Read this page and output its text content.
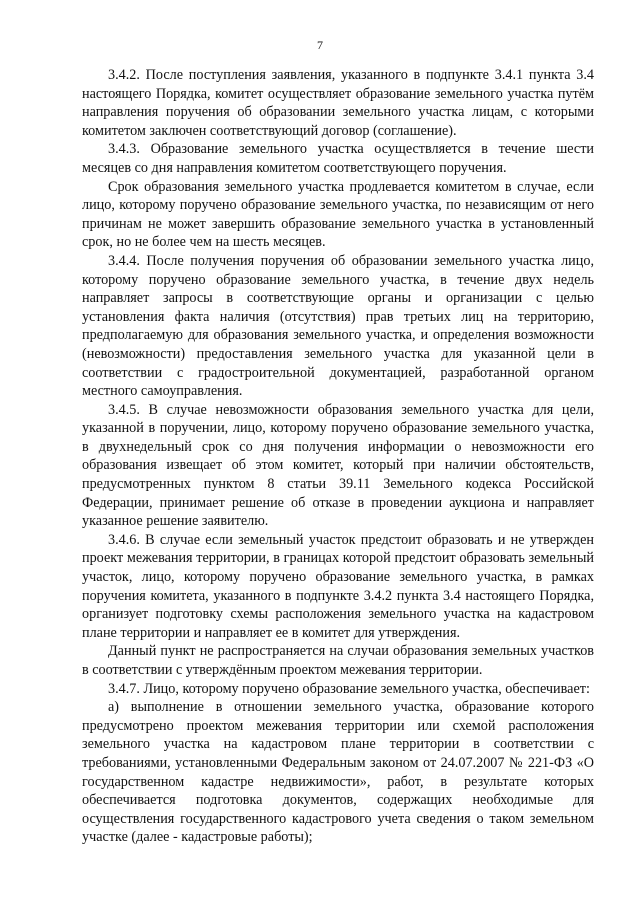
7

3.4.2. После поступления заявления, указанного в подпункте 3.4.1 пункта 3.4 настоящего Порядка, комитет осуществляет образование земельного участка путём направления поручения об образовании земельного участка лицам, с которыми комитетом заключен соответствующий договор (соглашение).

3.4.3. Образование земельного участка осуществляется в течение шести месяцев со дня направления комитетом соответствующего поручения.

Срок образования земельного участка продлевается комитетом в случае, если лицо, которому поручено образование земельного участка, по независящим от него причинам не может завершить образование земельного участка в установленный срок, но не более чем на шесть месяцев.

3.4.4. После получения поручения об образовании земельного участка лицо, которому поручено образование земельного участка, в течение двух недель направляет запросы в соответствующие органы и организации с целью установления факта наличия (отсутствия) прав третьих лиц на территорию, предполагаемую для образования земельного участка, и определения возможности (невозможности) предоставления земельного участка для указанной цели в соответствии с градостроительной документацией, разработанной органом местного самоуправления.

3.4.5. В случае невозможности образования земельного участка для цели, указанной в поручении, лицо, которому поручено образование земельного участка, в двухнедельный срок со дня получения информации о невозможности его образования извещает об этом комитет, который при наличии обстоятельств, предусмотренных пунктом 8 статьи 39.11 Земельного кодекса Российской Федерации, принимает решение об отказе в проведении аукциона и направляет указанное решение заявителю.

3.4.6. В случае если земельный участок предстоит образовать и не утвержден проект межевания территории, в границах которой предстоит образовать земельный участок, лицо, которому поручено образование земельного участка, в рамках поручения комитета, указанного в подпункте 3.4.2 пункта 3.4 настоящего Порядка, организует подготовку схемы расположения земельного участка на кадастровом плане территории и направляет ее в комитет для утверждения.

Данный пункт не распространяется на случаи образования земельных участков в соответствии с утверждённым проектом межевания территории.

3.4.7. Лицо, которому поручено образование земельного участка, обеспечивает:

а) выполнение в отношении земельного участка, образование которого предусмотрено проектом межевания территории или схемой расположения земельного участка на кадастровом плане территории в соответствии с требованиями, установленными Федеральным законом от 24.07.2007 № 221-ФЗ «О государственном кадастре недвижимости», работ, в результате которых обеспечивается подготовка документов, содержащих необходимые для осуществления государственного кадастрового учета сведения о таком земельном участке (далее - кадастровые работы);
